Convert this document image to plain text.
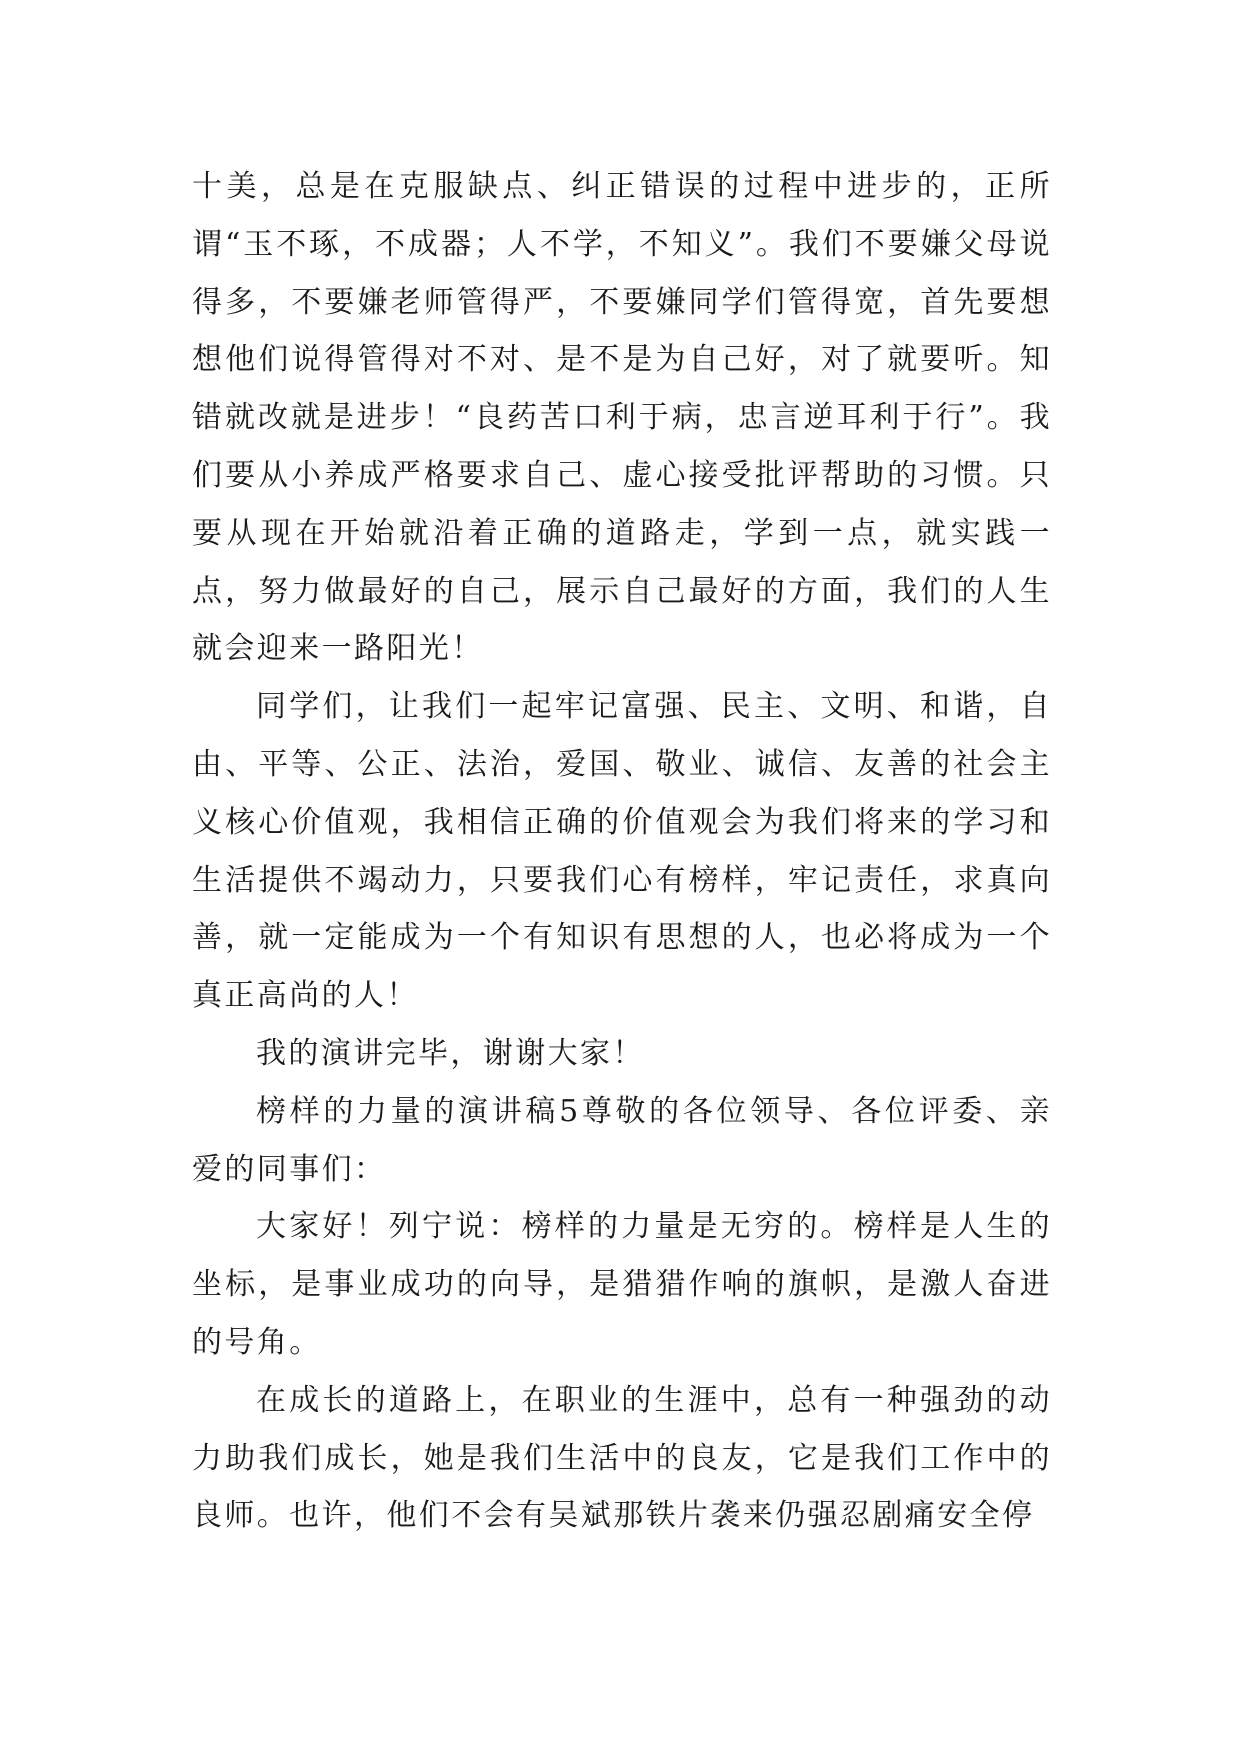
十美，总是在克服缺点、纠正错误的过程中进步的，正所谓“玉不琢，不成器；人不学，不知义”。我们不要嫌父母说得多，不要嫌老师管得严，不要嫌同学们管得宽，首先要想想他们说得管得对不对、是不是为自己好，对了就要听。知错就改就是进步！“良药苦口利于病，忠言逆耳利于行”。我们要从小养成严格要求自己、虚心接受批评帮助的习惯。只要从现在开始就沿着正确的道路走，学到一点，就实践一点，努力做最好的自己，展示自己最好的方面，我们的人生就会迎来一路阳光！

同学们，让我们一起牢记富强、民主、文明、和谐，自由、平等、公正、法治，爱国、敬业、诚信、友善的社会主义核心价值观，我相信正确的价值观会为我们将来的学习和生活提供不竭动力，只要我们心有榜样，牢记责任，求真向善，就一定能成为一个有知识有思想的人，也必将成为一个真正高尚的人！

我的演讲完毕，谢谢大家！

榜样的力量的演讲稿5尊敬的各位领导、各位评委、亲爱的同事们：

大家好！列宁说：榜样的力量是无穷的。榜样是人生的坐标，是事业成功的向导，是猎猎作响的旗帜，是激人奋进的号角。

在成长的道路上，在职业的生涯中，总有一种强劲的动力助我们成长，她是我们生活中的良友，它是我们工作中的良师。也许，他们不会有吴斌那铁片袭来仍强忍剧痛安全停
